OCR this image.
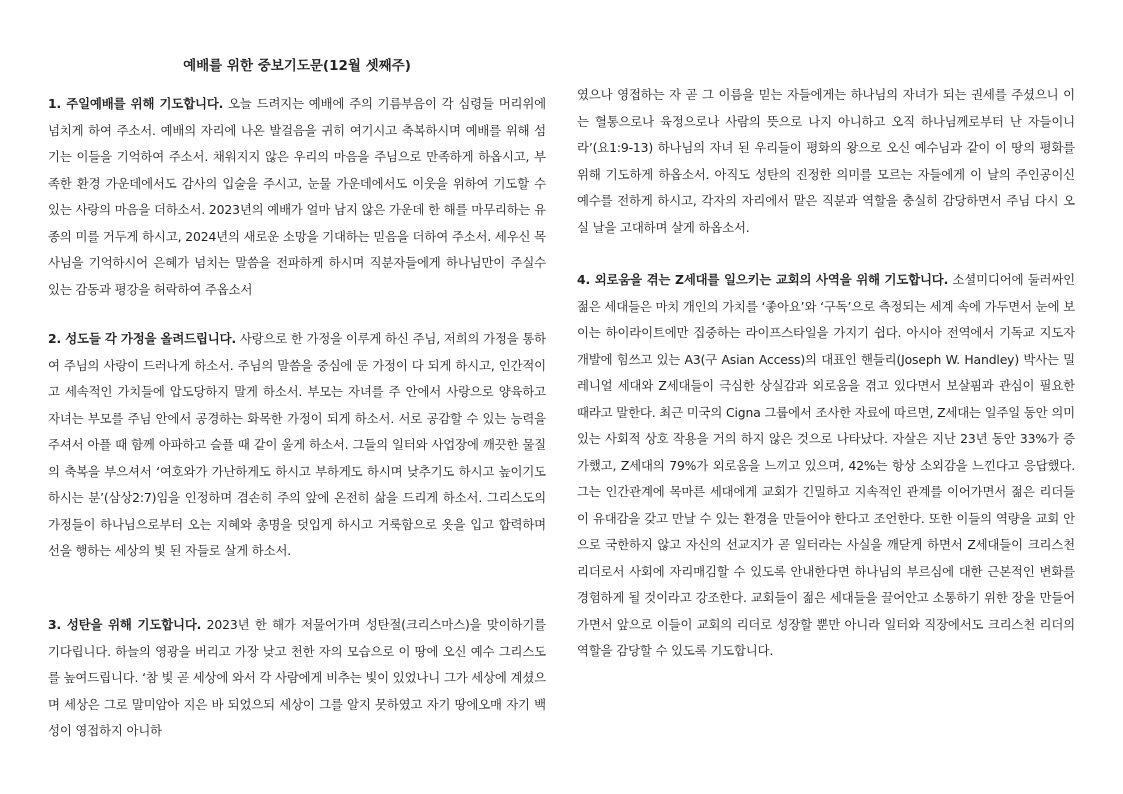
예배를 위한 중보기도문(12월 셋째주)

1. 주일예배를 위해 기도합니다. 오늘 드려지는 예배에 주의 기름부음이 각 심령들 머리위에 넘치게 하여 주소서. 예배의 자리에 나온 발걸음을 귀히 여기시고 축복하시며 예배를 위해 섬기는 이들을 기억하여 주소서. 채워지지 않은 우리의 마음을 주님으로 만족하게 하옵시고, 부족한 환경 가운데에서도 감사의 입술을 주시고, 눈물 가운데에서도 이웃을 위하여 기도할 수 있는 사랑의 마음을 더하소서. 2023년의 예배가 얼마 남지 않은 가운데 한 해를 마무리하는 유종의 미를 거두게 하시고, 2024년의 새로운 소망을 기대하는 믿음을 더하여 주소서. 세우신 목사님을 기억하시어 은혜가 넘치는 말씀을 전파하게 하시며 직분자들에게 하나님만이 주실수 있는 감동과 평강을 허락하여 주옵소서

2. 성도들 각 가정을 올려드립니다. 사랑으로 한 가정을 이루게 하신 주님, 저희의 가정을 통하여 주님의 사랑이 드러나게 하소서. 주님의 말씀을 중심에 둔 가정이 다 되게 하시고, 인간적이고 세속적인 가치들에 압도당하지 말게 하소서. 부모는 자녀를 주 안에서 사랑으로 양육하고 자녀는 부모를 주님 안에서 공경하는 화목한 가정이 되게 하소서. 서로 공감할 수 있는 능력을 주셔서 아플 때 함께 아파하고 슬플 때 같이 울게 하소서. 그들의 일터와 사업장에 깨끗한 물질의 축복을 부으셔서 ‘여호와가 가난하게도 하시고 부하게도 하시며 낮추기도 하시고 높이기도 하시는 분’(삼상2:7)임을 인정하며 겸손히 주의 앞에 온전히 삶을 드리게 하소서. 그리스도의 가정들이 하나님으로부터 오는 지혜와 총명을 덧입게 하시고 거룩함으로 옷을 입고 합력하며 선을 행하는 세상의 빛 된 자들로 살게 하소서.

3. 성탄을 위해 기도합니다. 2023년 한 해가 저물어가며 성탄절(크리스마스)을 맞이하기를 기다립니다. 하늘의 영광을 버리고 가장 낮고 천한 자의 모습으로 이 땅에 오신 예수 그리스도를 높여드립니다. ‘참 빛 곧 세상에 와서 각 사람에게 비추는 빛이 있었나니 그가 세상에 계셨으며 세상은 그로 말미암아 지은 바 되었으되 세상이 그를 알지 못하였고 자기 땅에오매 자기 백성이 영접하지 아니하

였으나 영접하는 자 곧 그 이름을 믿는 자들에게는 하나님의 자녀가 되는 권세를 주셨으니 이는 혈통으로나 육정으로나 사람의 뜻으로 나지 아니하고 오직 하나님께로부터 난 자들이니라’(요1:9-13) 하나님의 자녀 된 우리들이 평화의 왕으로 오신 예수님과 같이 이 땅의 평화를 위해 기도하게 하옵소서. 아직도 성탄의 진정한 의미를 모르는 자들에게 이 날의 주인공이신 예수를 전하게 하시고, 각자의 자리에서 맡은 직분과 역할을 충실히 감당하면서 주님 다시 오실 날을 고대하며 살게 하옵소서.

4. 외로움을 겪는 Z세대를 일으키는 교회의 사역을 위해 기도합니다. 소셜미디어에 둘러싸인 젊은 세대들은 마치 개인의 가치를 ‘좋아요’와 ‘구독’으로 측정되는 세계 속에 가두면서 눈에 보이는 하이라이트에만 집중하는 라이프스타일을 가지기 쉽다. 아시아 전역에서 기독교 지도자 개발에 힘쓰고 있는 A3(구 Asian Access)의 대표인 핸들리(Joseph W. Handley) 박사는 밀레니얼 세대와 Z세대들이 극심한 상실감과 외로움을 겪고 있다면서 보살핌과 관심이 필요한 때라고 말한다. 최근 미국의 Cigna 그룹에서 조사한 자료에 따르면, Z세대는 일주일 동안 의미 있는 사회적 상호 작용을 거의 하지 않은 것으로 나타났다. 자살은 지난 23년 동안 33%가 증가했고, Z세대의 79%가 외로움을 느끼고 있으며, 42%는 항상 소외감을 느낀다고 응답했다. 그는 인간관계에 목마른 세대에게 교회가 긴밀하고 지속적인 관계를 이어가면서 젊은 리더들이 유대감을 갖고 만날 수 있는 환경을 만들어야 한다고 조언한다. 또한 이들의 역량을 교회 안으로 국한하지 않고 자신의 선교지가 곧 일터라는 사실을 깨닫게 하면서 Z세대들이 크리스천 리더로서 사회에 자리매김할 수 있도록 안내한다면 하나님의 부르심에 대한 근본적인 변화를 경험하게 될 것이라고 강조한다. 교회들이 젊은 세대들을 끌어안고 소통하기 위한 장을 만들어 가면서 앞으로 이들이 교회의 리더로 성장할 뿐만 아니라 일터와 직장에서도 크리스천 리더의 역할을 감당할 수 있도록 기도합니다.
